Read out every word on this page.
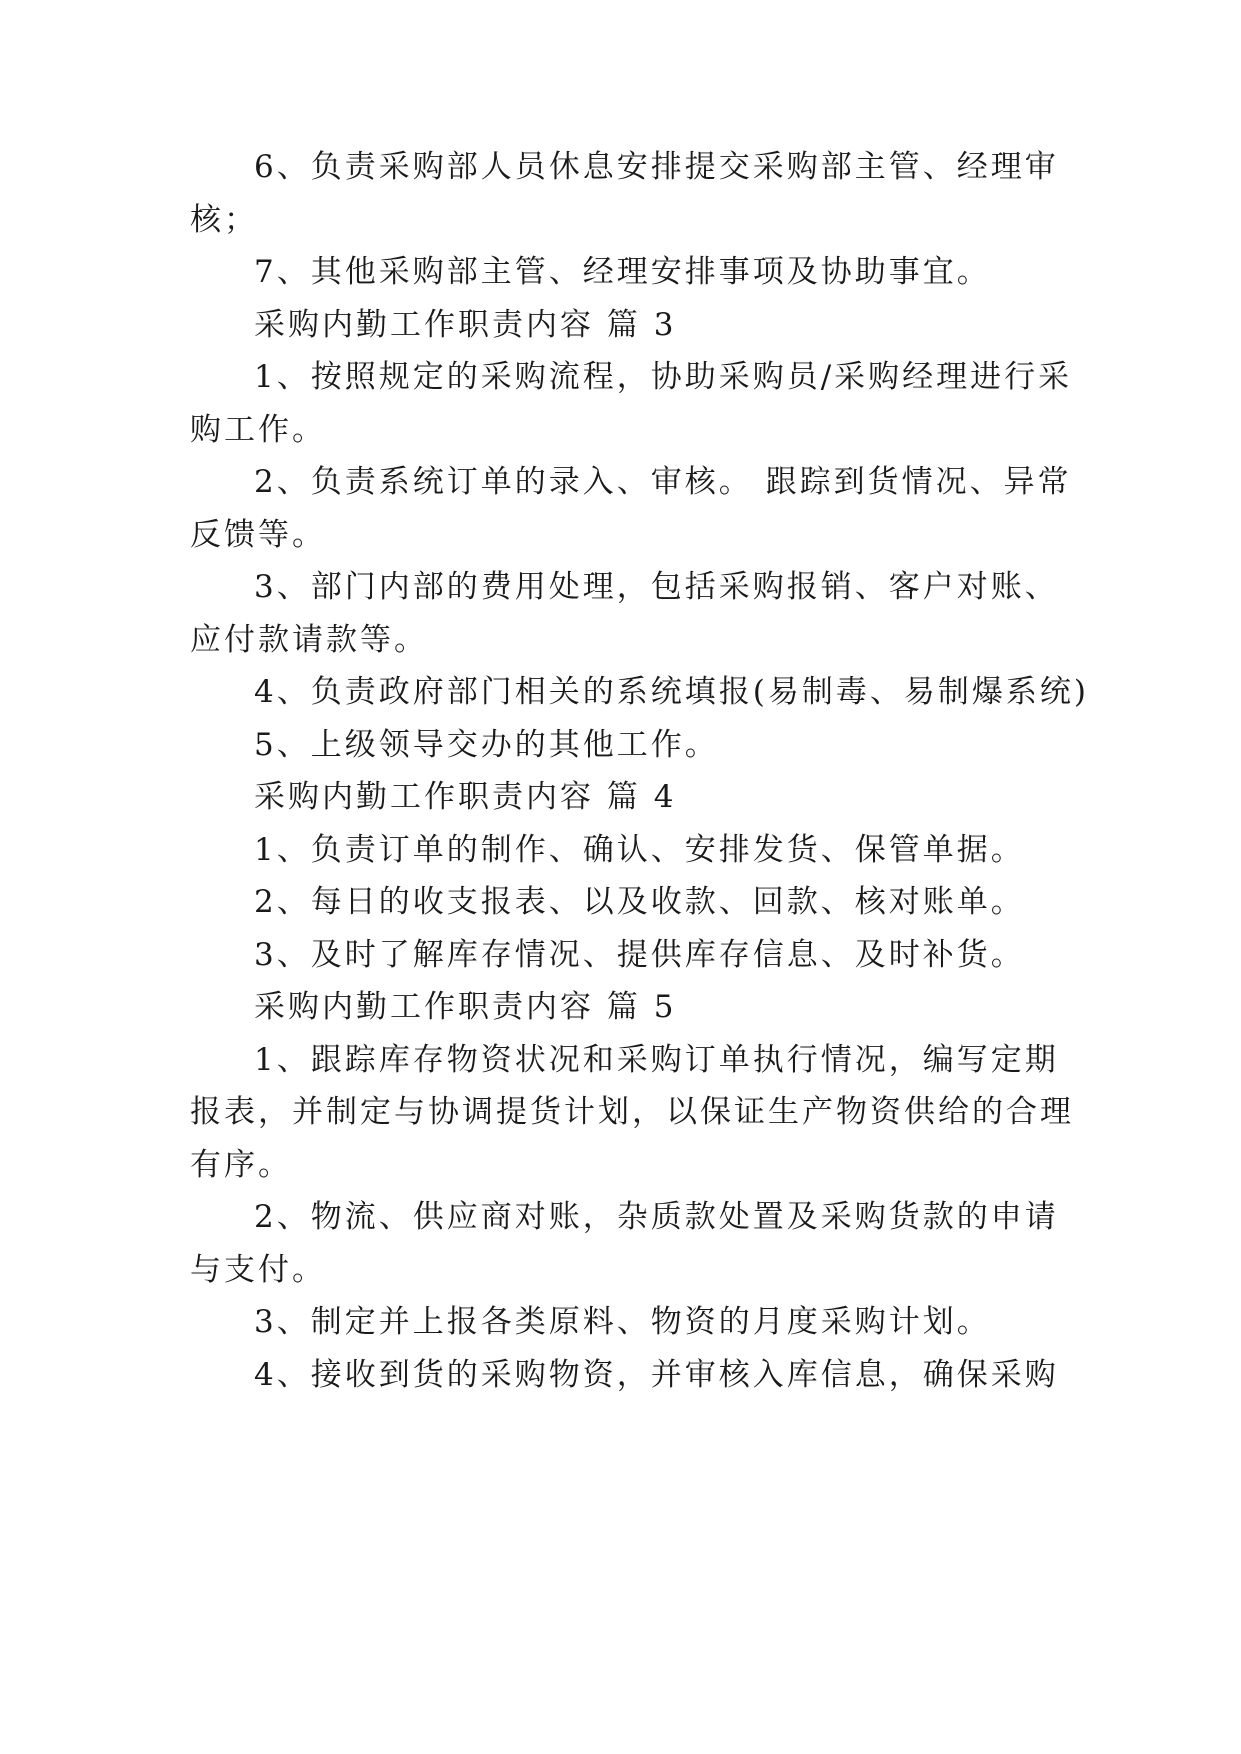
6、负责采购部人员休息安排提交采购部主管、经理审
核；
7、其他采购部主管、经理安排事项及协助事宜。
采购内勤工作职责内容 篇 3
1、按照规定的采购流程，协助采购员/采购经理进行采
购工作。
2、负责系统订单的录入、审核。 跟踪到货情况、异常
反馈等。
3、部门内部的费用处理，包括采购报销、客户对账、
应付款请款等。
4、负责政府部门相关的系统填报(易制毒、易制爆系统)
5、上级领导交办的其他工作。
采购内勤工作职责内容 篇 4
1、负责订单的制作、确认、安排发货、保管单据。
2、每日的收支报表、以及收款、回款、核对账单。
3、及时了解库存情况、提供库存信息、及时补货。
采购内勤工作职责内容 篇 5
1、跟踪库存物资状况和采购订单执行情况，编写定期
报表，并制定与协调提货计划，以保证生产物资供给的合理
有序。
2、物流、供应商对账，杂质款处置及采购货款的申请
与支付。
3、制定并上报各类原料、物资的月度采购计划。
4、接收到货的采购物资，并审核入库信息，确保采购
